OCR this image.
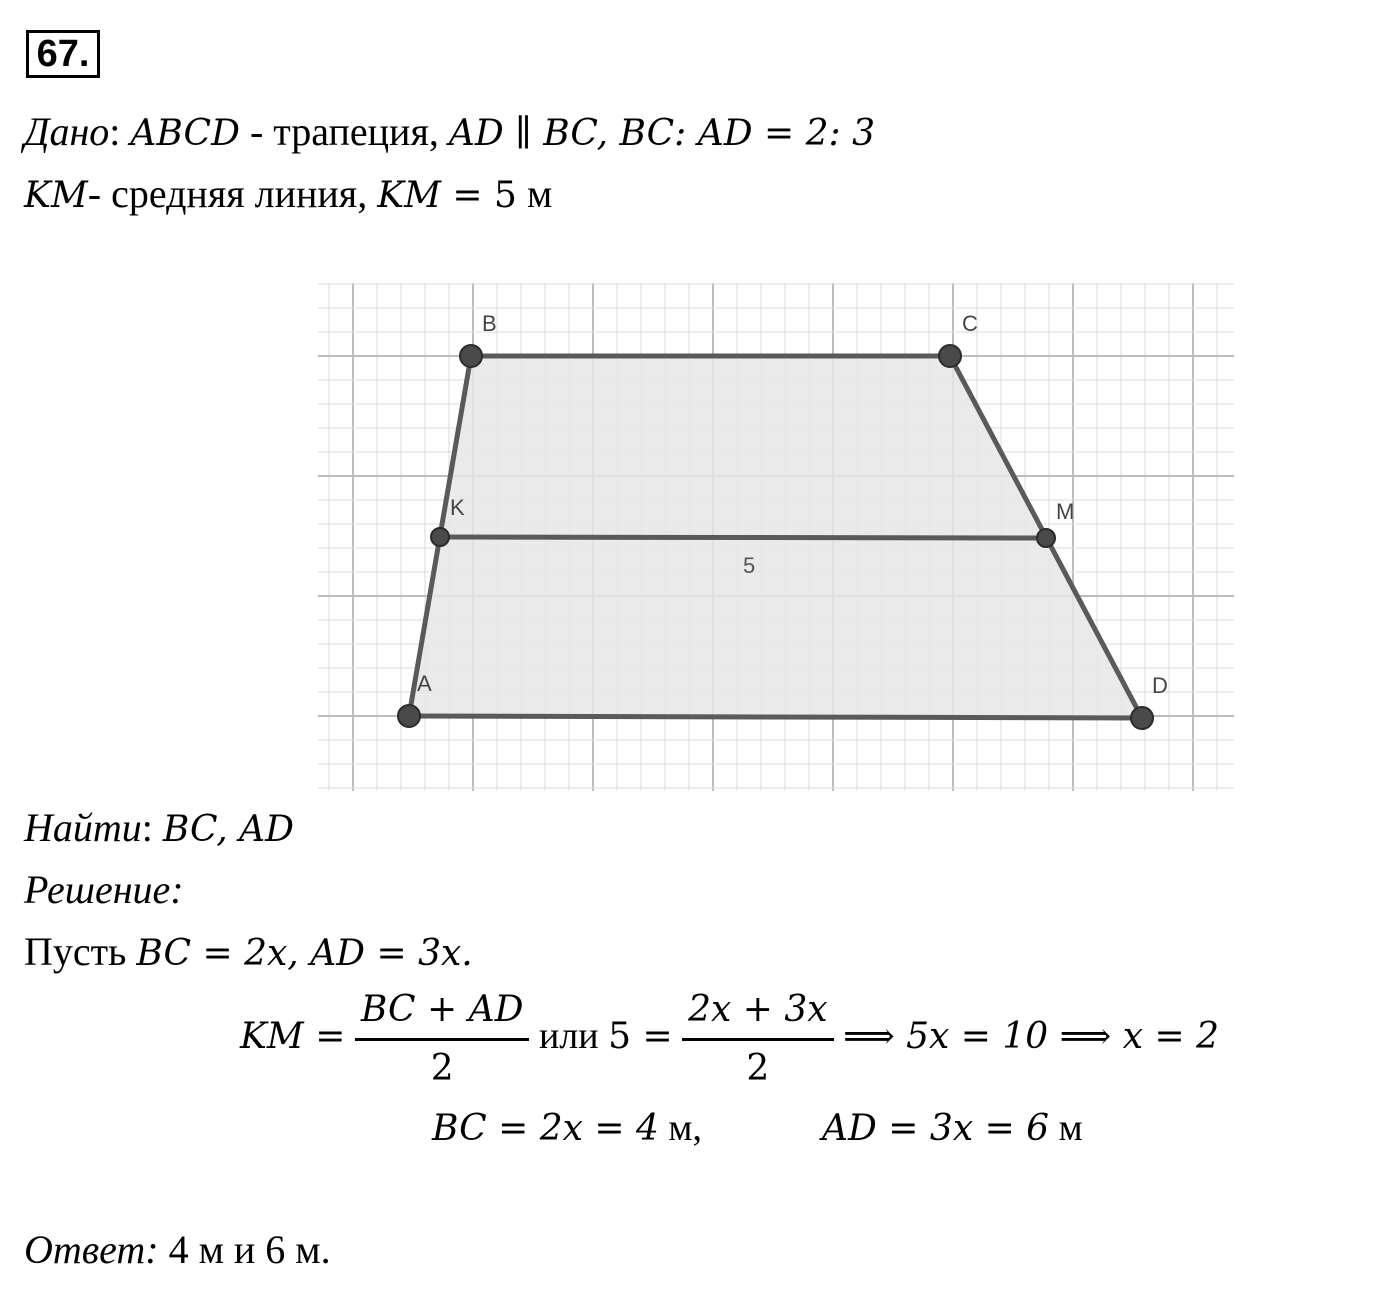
67.
Дано: ABCD - трапеция, AD ∥ BC, BC: AD = 2: 3
KM- средняя линия, KM = 5 м
B	C
K	M
A	D
5
Найти: BC, AD
Решение:
Пусть BC = 2x, AD = 3x.
KM = $\frac{BC + AD}{2}$ или $5 = \frac{2x + 3x}{2}$ ⟹ 5x = 10 ⟹ x = 2
BC = 2x = 4 м,	AD = 3x = 6 м
Ответ: 4 м и 6 м.
